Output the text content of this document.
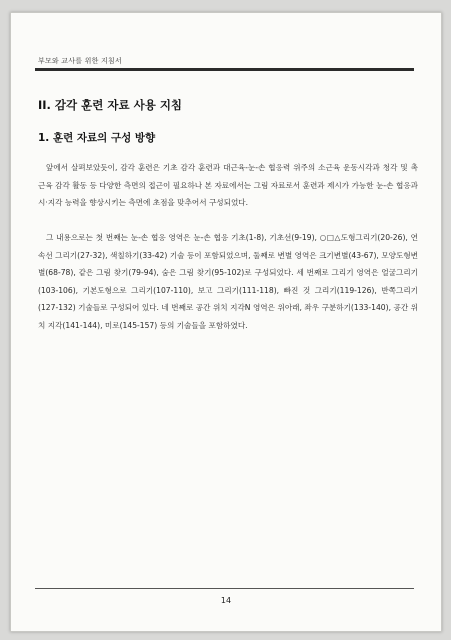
부모와 교사를 위한 지침서
II. 감각 훈련 자료 사용 지침
1. 훈련 자료의 구성 방향

앞에서 살펴보았듯이, 감각 훈련은 기초 감각 훈련과 대근육-눈-손 협응력 위주의 소근육 운동시각과 청각 및 촉 근육 감각 활동 등 다양한 측면의 접근이 필요하나 본 자료에서는 그림 자료로서 훈련과 제시가 가능한 눈-손 협응과 시·지각 능력을 향상시키는 측면에 초점을 맞추어서 구성되었다.

그 내용으로는 첫 번째는 눈-손 협응 영역은 눈-손 협응 기초(1-8), 기초선(9-19), ○□△도형그리기(20-26), 연속선 그리기(27-32), 색칠하기(33-42) 기술 등이 포함되었으며, 둘째로 변별 영역은 크기변별(43-67), 모양도형변별(68-78), 같은 그림 찾기(79-94), 숨은 그림 찾기(95-102)로 구성되었다. 세 번째로 그리기 영역은 얼굴그리기(103-106), 기본도형으로 그리기(107-110), 보고 그리기(111-118), 빠진 것 그리기(119-126), 반쪽그리기(127-132) 기술들로 구성되어 있다. 네 번째로 공간 위치 지각N 영역은 위아래, 좌우 구분하기(133-140), 공간 위치 지각(141-144), 미로(145-157) 등의 기술들을 포함하였다.

14
